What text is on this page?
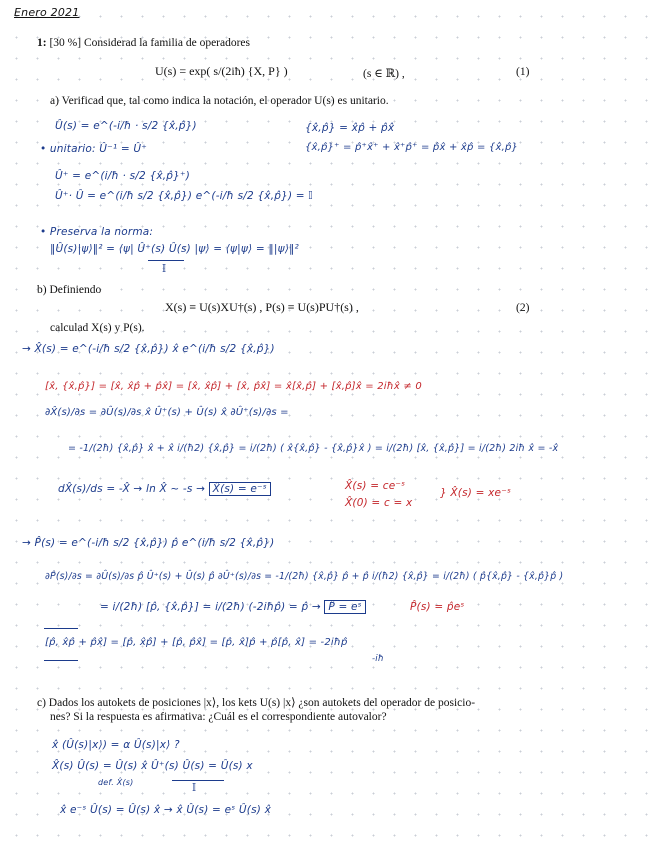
Enero 2021
1: [30 %] Considerad la familia de operadores
U(s) = exp( s/(2iħ) {X, P} )	(s ∈ ℝ) ,	(1)
a) Verificad que, tal como indica la notación, el operador U(s) es unitario.
Û(s) = e^(-i/ħ · s/2 {x̂,p̂})	{x̂,p̂} = x̂p̂ + p̂x̂
• unitario: Û⁻¹ = Û⁺	{x̂,p̂}⁺ = p̂⁺x̂⁺ + x̂⁺p̂⁺ = p̂x̂ + x̂p̂ = {x̂,p̂}
Û⁺ = e^(i/ħ · s/2 {x̂,p̂}⁺)
Û⁺· Û = e^(i/ħ s/2 {x̂,p̂}) e^(-i/ħ s/2 {x̂,p̂}) = 𝕀
• Preserva la norma:
‖Û(s)|ψ⟩‖² = ⟨ψ| Û⁺(s) Û(s) |ψ⟩ = ⟨ψ|ψ⟩ = ‖|ψ⟩‖²
𝕀
b) Definiendo
X(s) ≡ U(s)XU†(s) , P(s) ≡ U(s)PU†(s) ,	(2)
calculad X(s) y P(s).
→ X̂(s) = e^(-i/ħ s/2 {x̂,p̂}) x̂ e^(i/ħ s/2 {x̂,p̂})
[x̂, {x̂,p̂}] = [x̂, x̂p̂ + p̂x̂] = [x̂, x̂p̂] + [x̂, p̂x̂] = x̂[x̂,p̂] + [x̂,p̂]x̂ = 2iħx̂ ≠ 0
∂X̂(s)/∂s = ∂Û(s)/∂s x̂ Û⁺(s) + Û(s) x̂ ∂Û⁺(s)/∂s =
= -1/(2ħ) {x̂,p̂} x̂ + x̂ i/(ħ2) {x̂,p̂} = i/(2ħ) ( x̂{x̂,p̂} - {x̂,p̂}x̂ ) = i/(2ħ) [x̂, {x̂,p̂}] = i/(2ħ) 2iħ x̂ = -x̂
dX̂(s)/ds = -X̂ → ln X̂ ~ -s → X̂(s) = e⁻ˢ	X̂(s) = ce⁻ˢ
X̂(0) = c = x
} X̂(s) = xe⁻ˢ
→ P̂(s) = e^(-i/ħ s/2 {x̂,p̂}) p̂ e^(i/ħ s/2 {x̂,p̂})
∂P̂(s)/∂s = ∂Û(s)/∂s p̂ Û⁺(s) + Û(s) p̂ ∂Û⁺(s)/∂s = -1/(2ħ) {x̂,p̂} p̂ + p̂ i/(ħ2) {x̂,p̂} = i/(2ħ) ( p̂{x̂,p̂} - {x̂,p̂}p̂ )
= i/(2ħ) [p̂, {x̂,p̂}] = i/(2ħ) (-2iħp̂) = p̂ → P̂ = eˢ	P̂(s) = p̂eˢ
[p̂, x̂p̂ + p̂x̂] = [p̂, x̂p̂] + [p̂, p̂x̂] = [p̂, x̂]p̂ + p̂[p̂, x̂] = -2iħp̂
-iħ
c) Dados los autokets de posiciones |x⟩, los kets U(s) |x⟩ ¿son autokets del operador de posicio-
nes? Si la respuesta es afirmativa: ¿Cuál es el correspondiente autovalor?
x̂ (Û(s)|x⟩) = α Û(s)|x⟩ ?
X̂(s) Û(s) = Û(s) x̂ Û⁺(s) Û(s) = Û(s) x
def. X̂(s)	𝕀
x̂ e⁻ˢ Û(s) = Û(s) x̂ → x̂ Û(s) = eˢ Û(s) x̂
